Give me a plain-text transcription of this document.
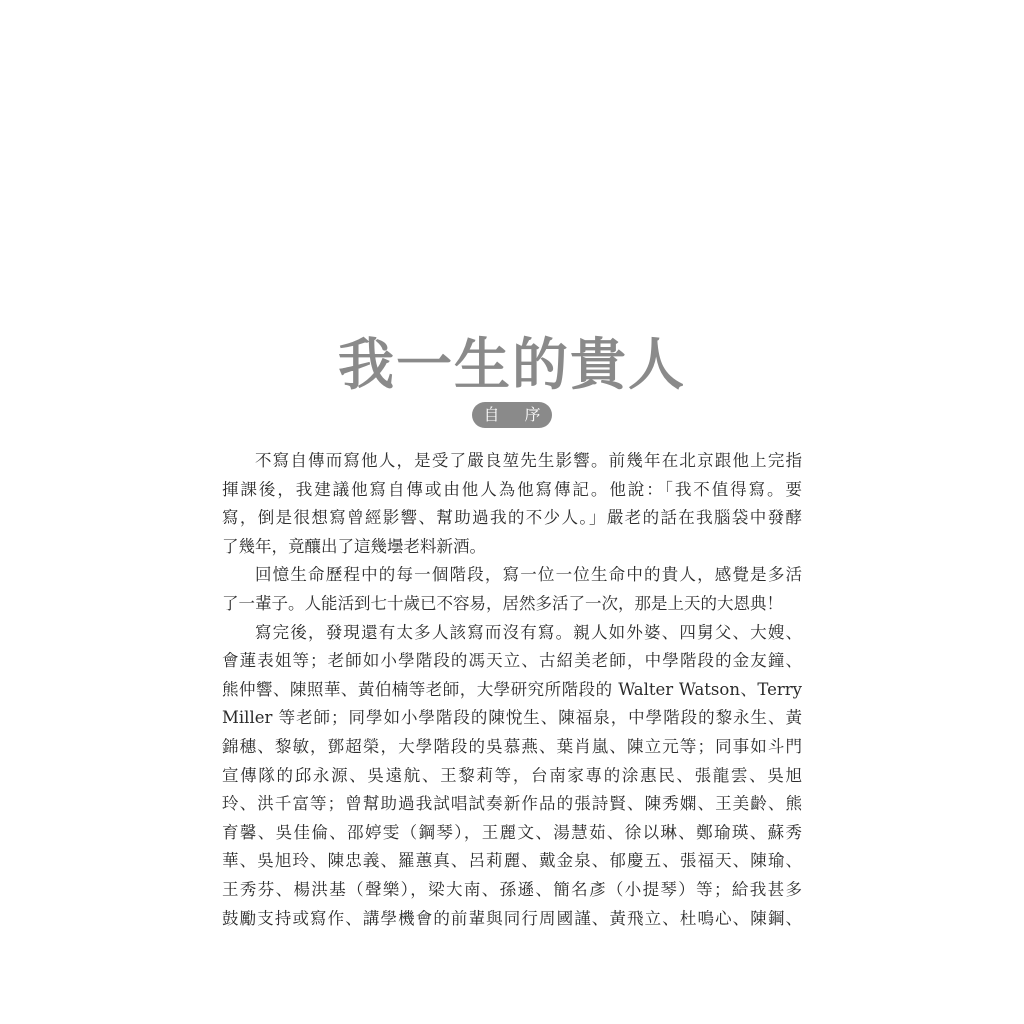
我一生的貴人
自 序
不寫自傳而寫他人，是受了嚴良堃先生影響。前幾年在北京跟他上完指
揮課後，我建議他寫自傳或由他人為他寫傳記。他說：「我不值得寫。要
寫，倒是很想寫曾經影響、幫助過我的不少人。」嚴老的話在我腦袋中發酵
了幾年，竟釀出了這幾壜老料新酒。
回憶生命歷程中的每一個階段，寫一位一位生命中的貴人，感覺是多活
了一輩子。人能活到七十歲已不容易，居然多活了一次，那是上天的大恩典！
寫完後，發現還有太多人該寫而沒有寫。親人如外婆、四舅父、大嫂、
會蓮表姐等；老師如小學階段的馮天立、古紹美老師，中學階段的金友鐘、
熊仲響、陳照華、黃伯楠等老師，大學研究所階段的 Walter Watson、Terry
Miller 等老師；同學如小學階段的陳悅生、陳福泉，中學階段的黎永生、黃
錦穗、黎敏，鄧超榮，大學階段的吳慕燕、葉肖嵐、陳立元等；同事如斗門
宣傳隊的邱永源、吳遠航、王黎莉等，台南家專的涂惠民、張龍雲、吳旭
玲、洪千富等；曾幫助過我試唱試奏新作品的張詩賢、陳秀嫻、王美齡、熊
育馨、吳佳倫、邵婷雯（鋼琴），王麗文、湯慧茹、徐以琳、鄭瑜瑛、蘇秀
華、吳旭玲、陳忠義、羅蕙真、呂莉麗、戴金泉、郁慶五、張福天、陳瑜、
王秀芬、楊洪基（聲樂），梁大南、孫遜、簡名彥（小提琴）等；給我甚多
鼓勵支持或寫作、講學機會的前輩與同行周國謹、黃飛立、杜鳴心、陳鋼、
